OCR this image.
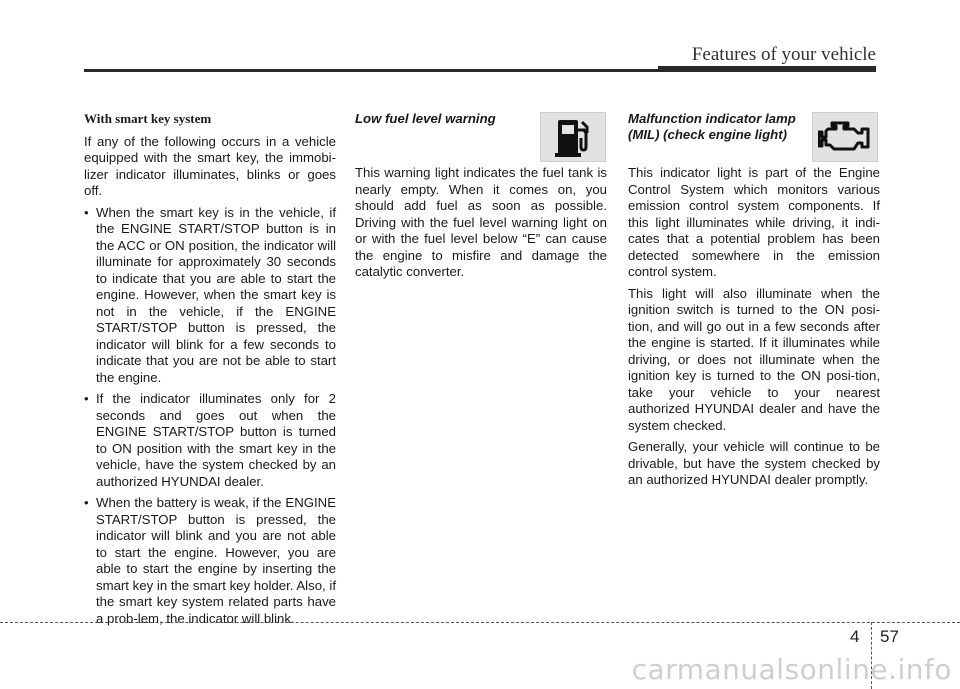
Features of your vehicle
With smart key system

If any of the following occurs in a vehicle equipped with the smart key, the immobi-lizer indicator illuminates, blinks or goes off.

• When the smart key is in the vehicle, if the ENGINE START/STOP button is in the ACC or ON position, the indicator will illuminate for approximately 30 seconds to indicate that you are able to start the engine. However, when the smart key is not in the vehicle, if the ENGINE START/STOP button is pressed, the indicator will blink for a few seconds to indicate that you are not be able to start the engine.
• If the indicator illuminates only for 2 seconds and goes out when the ENGINE START/STOP button is turned to ON position with the smart key in the vehicle, have the system checked by an authorized HYUNDAI dealer.
• When the battery is weak, if the ENGINE START/STOP button is pressed, the indicator will blink and you are not able to start the engine. However, you are able to start the engine by inserting the smart key in the smart key holder. Also, if the smart key system related parts have a prob-lem, the indicator will blink.
Low fuel level warning

This warning light indicates the fuel tank is nearly empty. When it comes on, you should add fuel as soon as possible. Driving with the fuel level warning light on or with the fuel level below “E” can cause the engine to misfire and damage the catalytic converter.

Malfunction indicator lamp (MIL) (check engine light)

This indicator light is part of the Engine Control System which monitors various emission control system components. If this light illuminates while driving, it indi-cates that a potential problem has been detected somewhere in the emission control system.

This light will also illuminate when the ignition switch is turned to the ON posi-tion, and will go out in a few seconds after the engine is started. If it illuminates while driving, or does not illuminate when the ignition key is turned to the ON posi-tion, take your vehicle to your nearest authorized HYUNDAI dealer and have the system checked.

Generally, your vehicle will continue to be drivable, but have the system checked by an authorized HYUNDAI dealer promptly.

4 57
carmanualsonline.info
